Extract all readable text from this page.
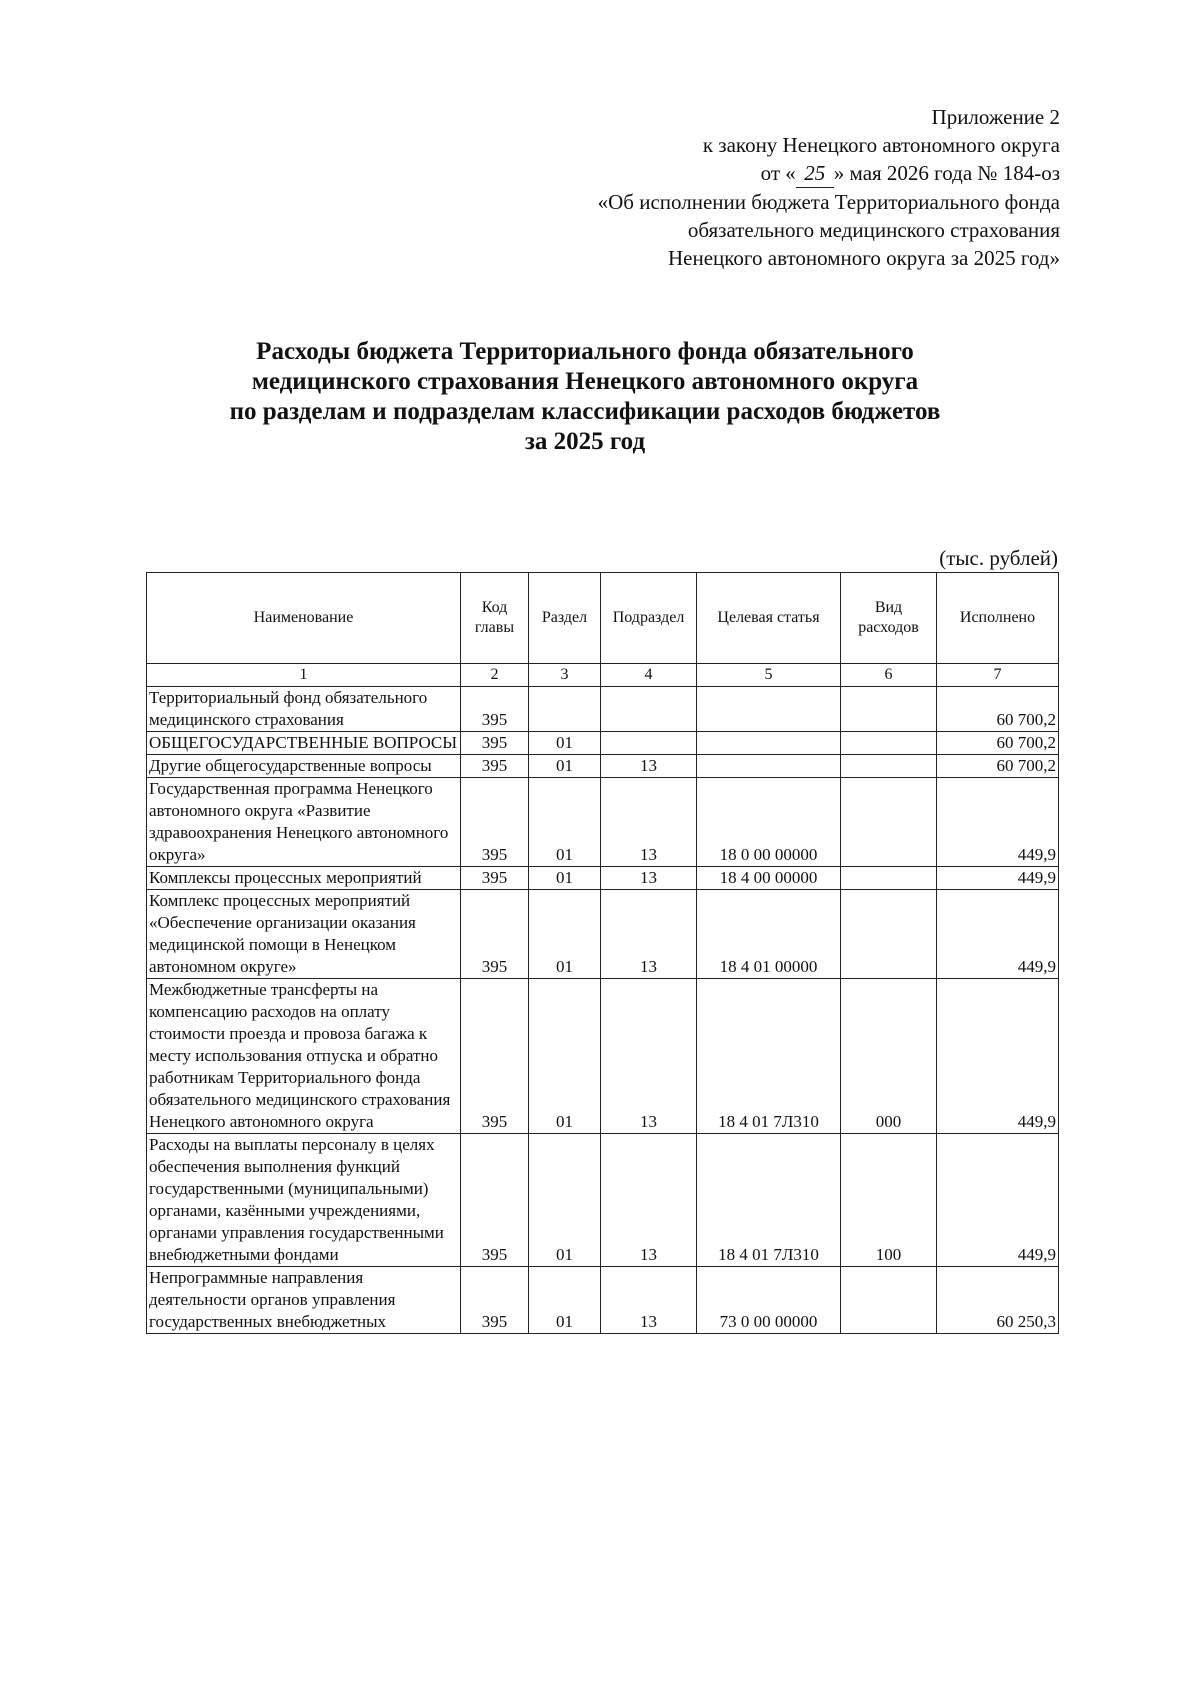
Приложение 2
к закону Ненецкого автономного округа
от « 25 » мая 2026 года № 184-оз
«Об исполнении бюджета Территориального фонда
обязательного медицинского страхования
Ненецкого автономного округа за 2025 год»
Расходы бюджета Территориального фонда обязательного
медицинского страхования Ненецкого автономного округа
по разделам и подразделам классификации расходов бюджетов
за 2025 год
(тыс. рублей)
Наименование	Код главы	Раздел	Подраздел	Целевая статья	Вид расходов	Исполнено
1	2	3	4	5	6	7
Территориальный фонд обязательного медицинского страхования	395					60 700,2
ОБЩЕГОСУДАРСТВЕННЫЕ ВОПРОСЫ	395	01				60 700,2
Другие общегосударственные вопросы	395	01	13			60 700,2
Государственная программа Ненецкого автономного округа «Развитие здравоохранения Ненецкого автономного округа»	395	01	13	18 0 00 00000		449,9
Комплексы процессных мероприятий	395	01	13	18 4 00 00000		449,9
Комплекс процессных мероприятий «Обеспечение организации оказания медицинской помощи в Ненецком автономном округе»	395	01	13	18 4 01 00000		449,9
Межбюджетные трансферты на компенсацию расходов на оплату стоимости проезда и провоза багажа к месту использования отпуска и обратно работникам Территориального фонда обязательного медицинского страхования Ненецкого автономного округа	395	01	13	18 4 01 7Л310	000	449,9
Расходы на выплаты персоналу в целях обеспечения выполнения функций государственными (муниципальными) органами, казёнными учреждениями, органами управления государственными внебюджетными фондами	395	01	13	18 4 01 7Л310	100	449,9
Непрограммные направления деятельности органов управления государственных внебюджетных	395	01	13	73 0 00 00000		60 250,3
